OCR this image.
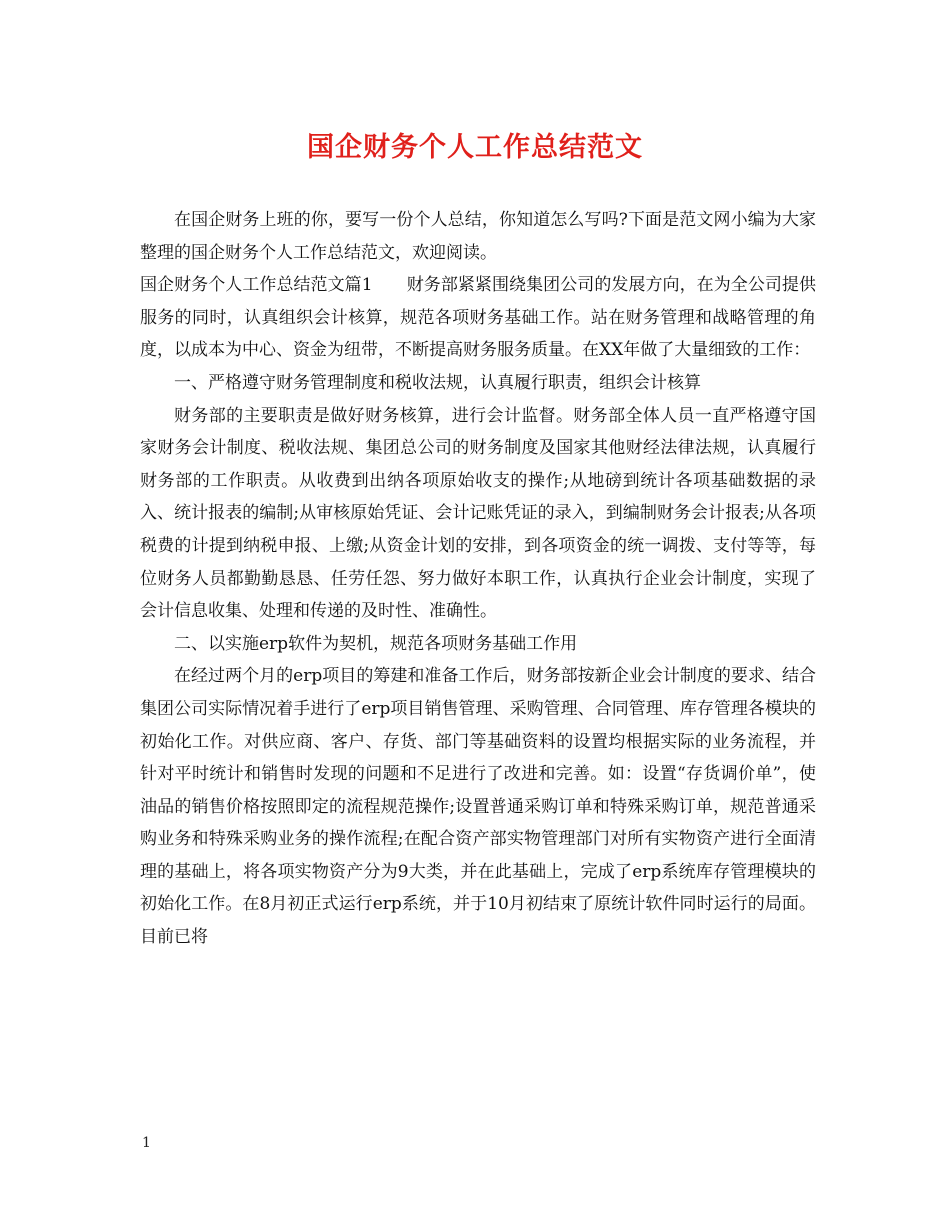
国企财务个人工作总结范文

在国企财务上班的你，要写一份个人总结，你知道怎么写吗?下面是范文网小编为大家整理的国企财务个人工作总结范文，欢迎阅读。

国企财务个人工作总结范文篇1　　财务部紧紧围绕集团公司的发展方向，在为全公司提供服务的同时，认真组织会计核算，规范各项财务基础工作。站在财务管理和战略管理的角度，以成本为中心、资金为纽带，不断提高财务服务质量。在XX年做了大量细致的工作：

一、严格遵守财务管理制度和税收法规，认真履行职责，组织会计核算

财务部的主要职责是做好财务核算，进行会计监督。财务部全体人员一直严格遵守国家财务会计制度、税收法规、集团总公司的财务制度及国家其他财经法律法规，认真履行财务部的工作职责。从收费到出纳各项原始收支的操作;从地磅到统计各项基础数据的录入、统计报表的编制;从审核原始凭证、会计记账凭证的录入，到编制财务会计报表;从各项税费的计提到纳税申报、上缴;从资金计划的安排，到各项资金的统一调拨、支付等等，每位财务人员都勤勤恳恳、任劳任怨、努力做好本职工作，认真执行企业会计制度，实现了会计信息收集、处理和传递的及时性、准确性。

二、以实施erp软件为契机，规范各项财务基础工作用

在经过两个月的erp项目的筹建和准备工作后，财务部按新企业会计制度的要求、结合集团公司实际情况着手进行了erp项目销售管理、采购管理、合同管理、库存管理各模块的初始化工作。对供应商、客户、存货、部门等基础资料的设置均根据实际的业务流程，并针对平时统计和销售时发现的问题和不足进行了改进和完善。如：设置“存货调价单”，使油品的销售价格按照即定的流程规范操作;设置普通采购订单和特殊采购订单，规范普通采购业务和特殊采购业务的操作流程;在配合资产部实物管理部门对所有实物资产进行全面清理的基础上，将各项实物资产分为9大类，并在此基础上，完成了erp系统库存管理模块的初始化工作。在8月初正式运行erp系统，并于10月初结束了原统计软件同时运行的局面。目前已将

1
